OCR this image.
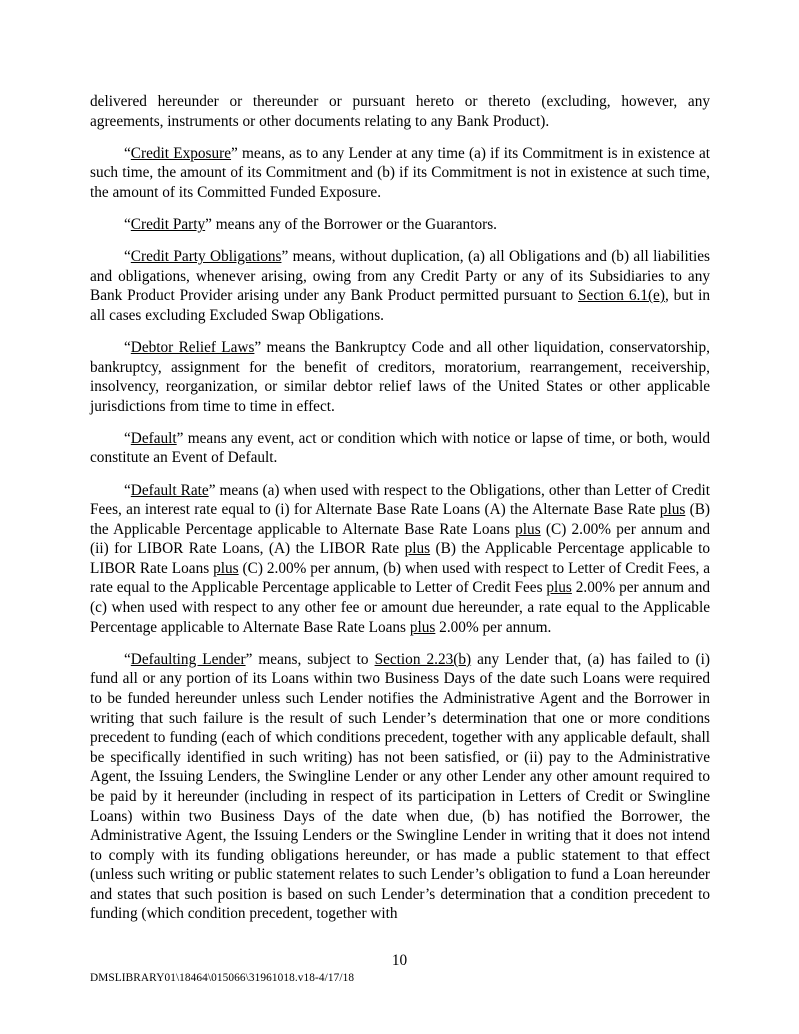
delivered hereunder or thereunder or pursuant hereto or thereto (excluding, however, any agreements, instruments or other documents relating to any Bank Product).

“Credit Exposure” means, as to any Lender at any time (a) if its Commitment is in existence at such time, the amount of its Commitment and (b) if its Commitment is not in existence at such time, the amount of its Committed Funded Exposure.

“Credit Party” means any of the Borrower or the Guarantors.

“Credit Party Obligations” means, without duplication, (a) all Obligations and (b) all liabilities and obligations, whenever arising, owing from any Credit Party or any of its Subsidiaries to any Bank Product Provider arising under any Bank Product permitted pursuant to Section 6.1(e), but in all cases excluding Excluded Swap Obligations.

“Debtor Relief Laws” means the Bankruptcy Code and all other liquidation, conservatorship, bankruptcy, assignment for the benefit of creditors, moratorium, rearrangement, receivership, insolvency, reorganization, or similar debtor relief laws of the United States or other applicable jurisdictions from time to time in effect.

“Default” means any event, act or condition which with notice or lapse of time, or both, would constitute an Event of Default.

“Default Rate” means (a) when used with respect to the Obligations, other than Letter of Credit Fees, an interest rate equal to (i) for Alternate Base Rate Loans (A) the Alternate Base Rate plus (B) the Applicable Percentage applicable to Alternate Base Rate Loans plus (C) 2.00% per annum and (ii) for LIBOR Rate Loans, (A) the LIBOR Rate plus (B) the Applicable Percentage applicable to LIBOR Rate Loans plus (C) 2.00% per annum, (b) when used with respect to Letter of Credit Fees, a rate equal to the Applicable Percentage applicable to Letter of Credit Fees plus 2.00% per annum and (c) when used with respect to any other fee or amount due hereunder, a rate equal to the Applicable Percentage applicable to Alternate Base Rate Loans plus 2.00% per annum.

“Defaulting Lender” means, subject to Section 2.23(b) any Lender that, (a) has failed to (i) fund all or any portion of its Loans within two Business Days of the date such Loans were required to be funded hereunder unless such Lender notifies the Administrative Agent and the Borrower in writing that such failure is the result of such Lender’s determination that one or more conditions precedent to funding (each of which conditions precedent, together with any applicable default, shall be specifically identified in such writing) has not been satisfied, or (ii) pay to the Administrative Agent, the Issuing Lenders, the Swingline Lender or any other Lender any other amount required to be paid by it hereunder (including in respect of its participation in Letters of Credit or Swingline Loans) within two Business Days of the date when due, (b) has notified the Borrower, the Administrative Agent, the Issuing Lenders or the Swingline Lender in writing that it does not intend to comply with its funding obligations hereunder, or has made a public statement to that effect (unless such writing or public statement relates to such Lender’s obligation to fund a Loan hereunder and states that such position is based on such Lender’s determination that a condition precedent to funding (which condition precedent, together with

10
DMSLIBRARY01\18464\015066\31961018.v18-4/17/18
